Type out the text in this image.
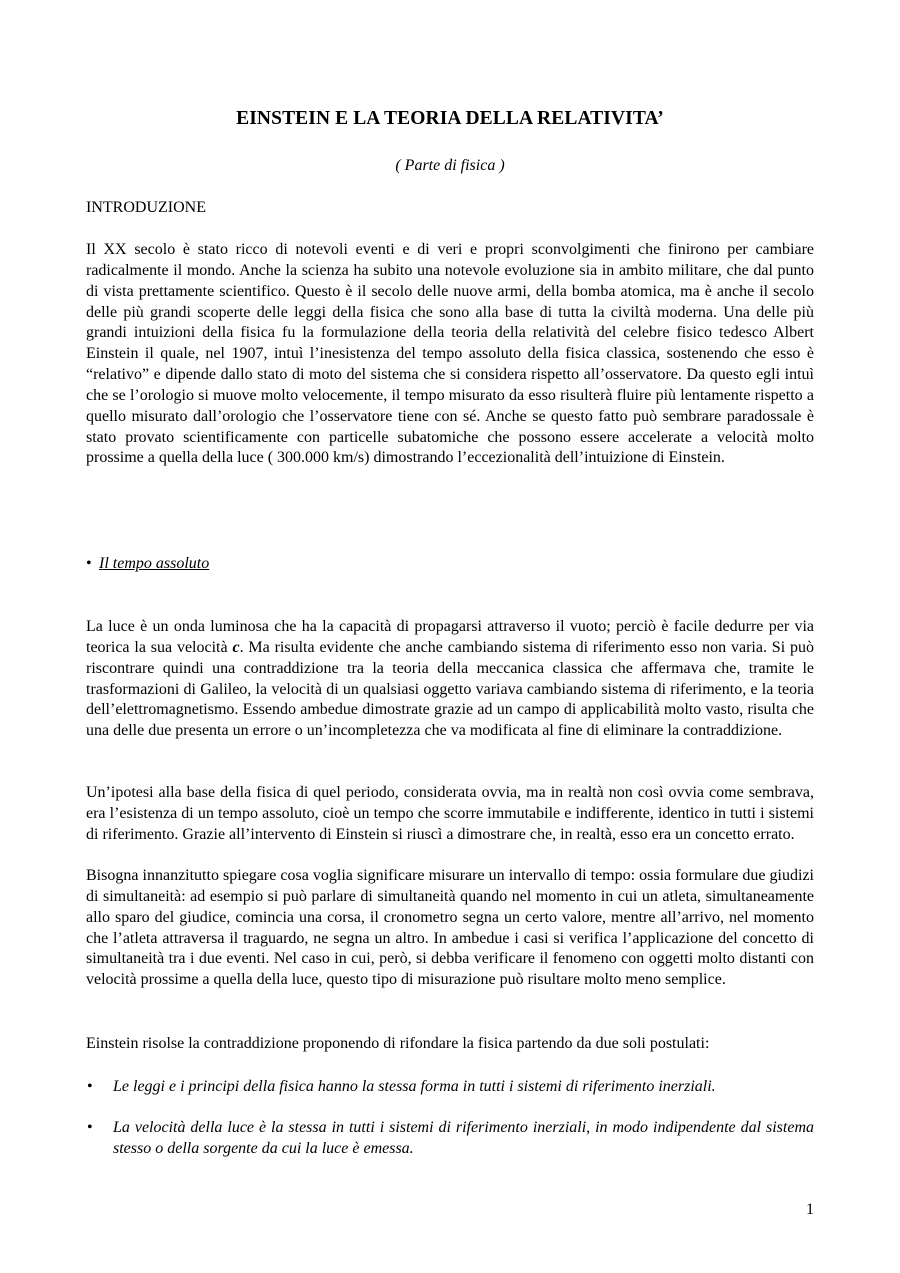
EINSTEIN E LA TEORIA DELLA RELATIVITA’
( Parte di fisica )
INTRODUZIONE

Il XX secolo è stato ricco di notevoli eventi e di veri e propri sconvolgimenti che finirono per cambiare radicalmente il mondo. Anche la scienza ha subito una notevole evoluzione sia in ambito militare, che dal punto di vista prettamente scientifico. Questo è il secolo delle nuove armi, della bomba atomica, ma è anche il secolo delle più grandi scoperte delle leggi della fisica che sono alla base di tutta la civiltà moderna. Una delle più grandi intuizioni della fisica fu la formulazione della teoria della relatività del celebre fisico tedesco Albert Einstein il quale, nel 1907, intuì l’inesistenza del tempo assoluto della fisica classica, sostenendo che esso è “relativo” e dipende dallo stato di moto del sistema che si considera rispetto all’osservatore. Da questo egli intuì che se l’orologio si muove molto velocemente, il tempo misurato da esso risulterà fluire più lentamente rispetto a quello misurato dall’orologio che l’osservatore tiene con sé. Anche se questo fatto può sembrare paradossale è stato provato scientificamente con particelle subatomiche che possono essere accelerate a velocità molto prossime a quella della luce ( 300.000 km/s) dimostrando l’eccezionalità dell’intuizione di Einstein.

• Il tempo assoluto

La luce è un onda luminosa che ha la capacità di propagarsi attraverso il vuoto; perciò è facile dedurre per via teorica la sua velocità c. Ma risulta evidente che anche cambiando sistema di riferimento esso non varia. Si può riscontrare quindi una contraddizione tra la teoria della meccanica classica che affermava che, tramite le trasformazioni di Galileo, la velocità di un qualsiasi oggetto variava cambiando sistema di riferimento, e la teoria dell’elettromagnetismo. Essendo ambedue dimostrate grazie ad un campo di applicabilità molto vasto, risulta che una delle due presenta un errore o un’incompletezza che va modificata al fine di eliminare la contraddizione.

Un’ipotesi alla base della fisica di quel periodo, considerata ovvia, ma in realtà non così ovvia come sembrava, era l’esistenza di un tempo assoluto, cioè un tempo che scorre immutabile e indifferente, identico in tutti i sistemi di riferimento. Grazie all’intervento di Einstein si riuscì a dimostrare che, in realtà, esso era un concetto errato.

Bisogna innanzitutto spiegare cosa voglia significare misurare un intervallo di tempo: ossia formulare due giudizi di simultaneità: ad esempio si può parlare di simultaneità quando nel momento in cui un atleta, simultaneamente allo sparo del giudice, comincia una corsa, il cronometro segna un certo valore, mentre all’arrivo, nel momento che l’atleta attraversa il traguardo, ne segna un altro. In ambedue i casi si verifica l’applicazione del concetto di simultaneità tra i due eventi. Nel caso in cui, però, si debba verificare il fenomeno con oggetti molto distanti con velocità prossime a quella della luce, questo tipo di misurazione può risultare molto meno semplice.

Einstein risolse la contraddizione proponendo di rifondare la fisica partendo da due soli postulati:

• Le leggi e i principi della fisica hanno la stessa forma in tutti i sistemi di riferimento inerziali.
• La velocità della luce è la stessa in tutti i sistemi di riferimento inerziali, in modo indipendente dal sistema stesso o della sorgente da cui la luce è emessa.
1
